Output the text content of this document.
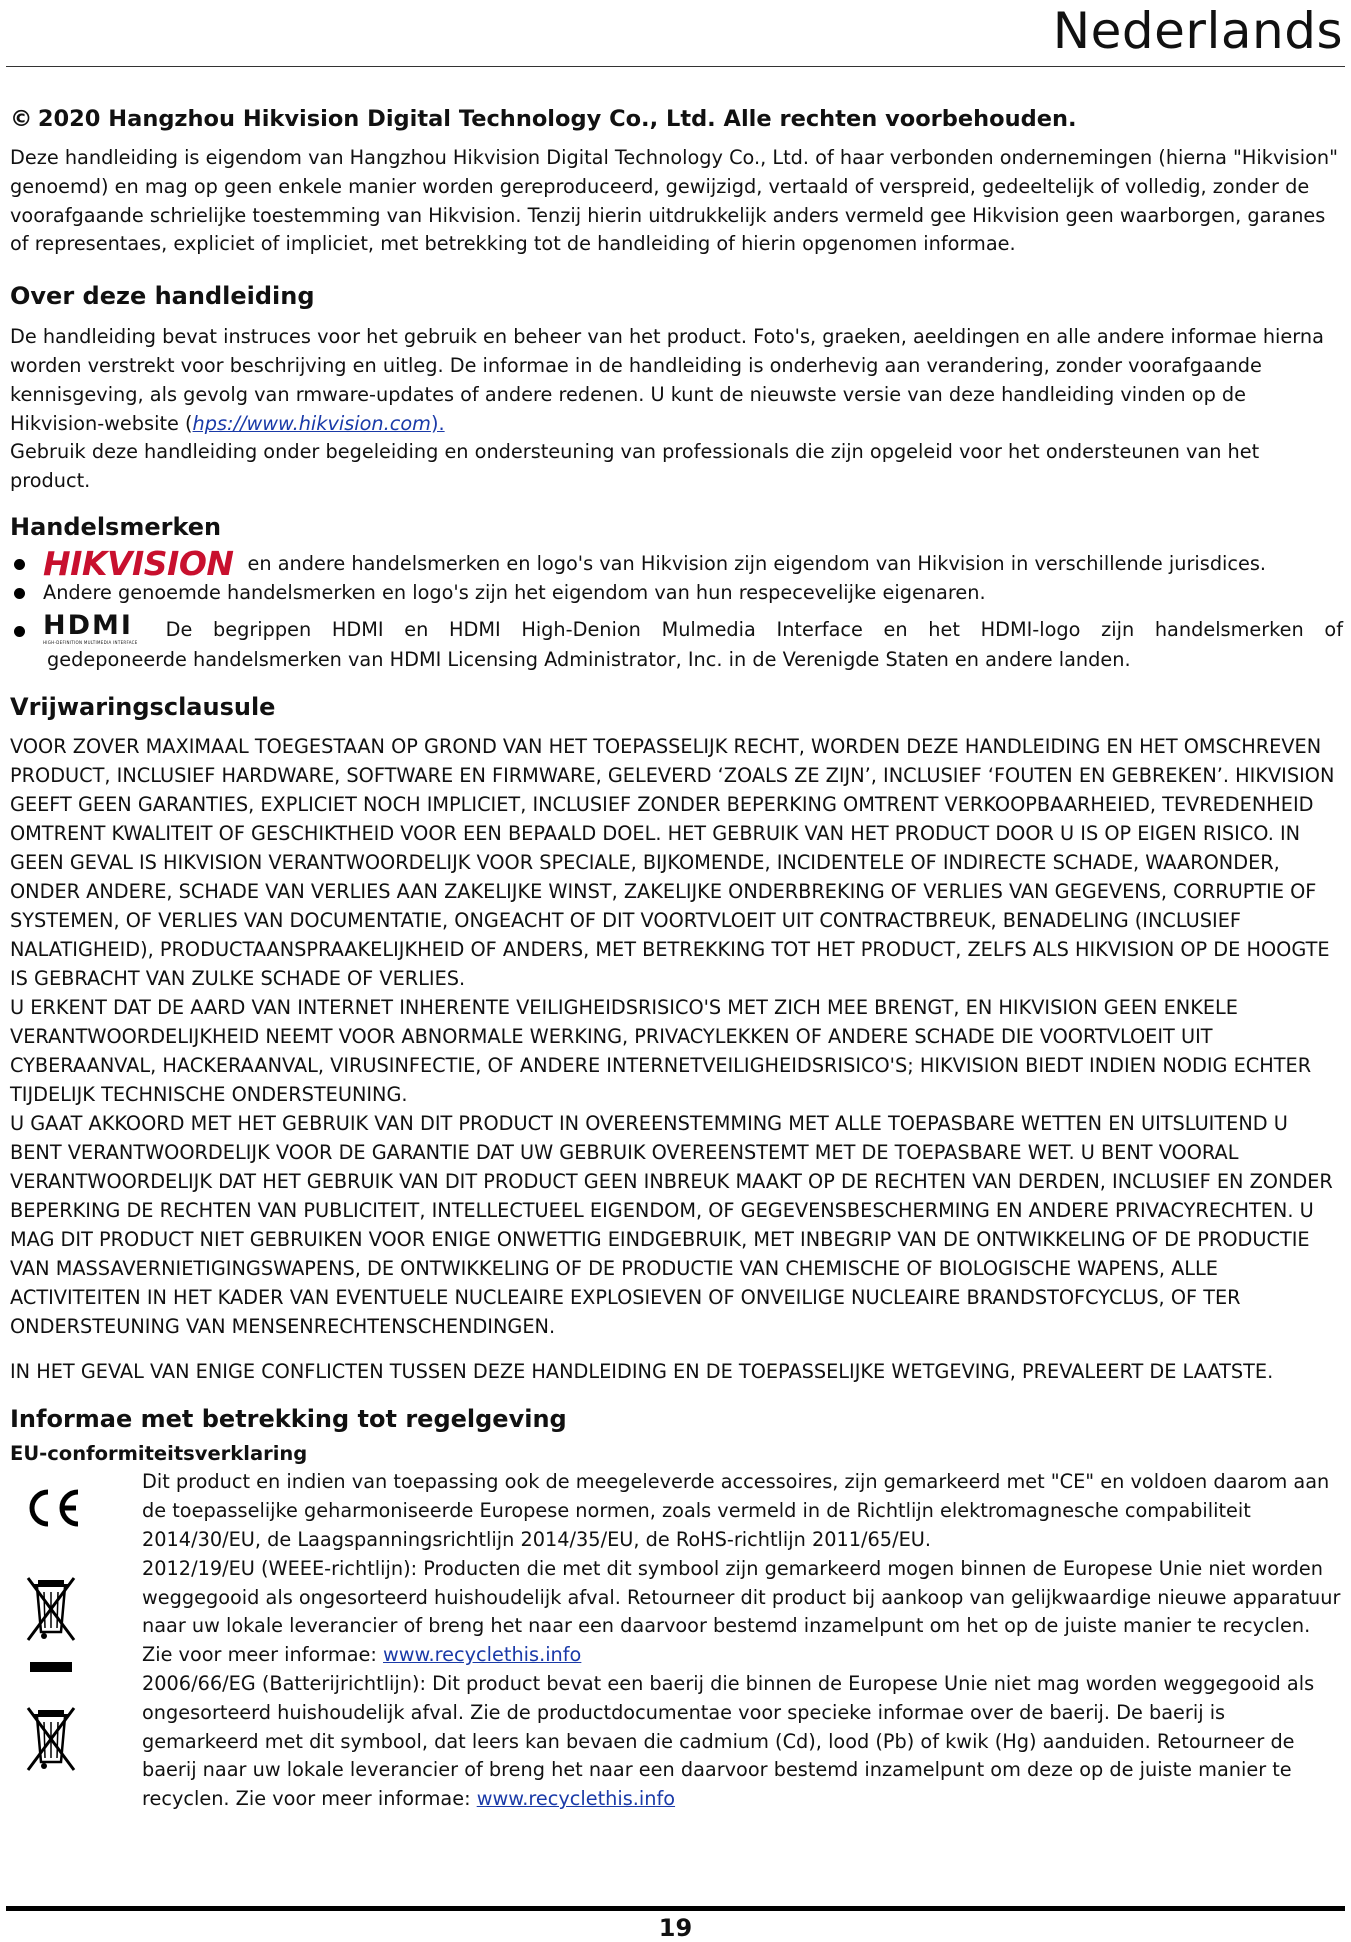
Nederlands

© 2020 Hangzhou Hikvision Digital Technology Co., Ltd. Alle rechten voorbehouden.

Deze handleiding is eigendom van Hangzhou Hikvision Digital Technology Co., Ltd. of haar verbonden ondernemingen (hierna "Hikvision" genoemd) en mag op geen enkele manier worden gereproduceerd, gewijzigd, vertaald of verspreid, gedeeltelijk of volledig, zonder de voorafgaande schrielijke toestemming van Hikvision. Tenzij hierin uitdrukkelijk anders vermeld gee Hikvision geen waarborgen, garanes of representaes, expliciet of impliciet, met betrekking tot de handleiding of hierin opgenomen informae.

Over deze handleiding

De handleiding bevat instruces voor het gebruik en beheer van het product. Foto's, graeken, aeeldingen en alle andere informae hierna worden verstrekt voor beschrijving en uitleg. De informae in de handleiding is onderhevig aan verandering, zonder voorafgaande kennisgeving, als gevolg van rmware-updates of andere redenen. U kunt de nieuwste versie van deze handleiding vinden op de Hikvision-website (hps://www.hikvision.com).

Gebruik deze handleiding onder begeleiding en ondersteuning van professionals die zijn opgeleid voor het ondersteunen van het product.

Handelsmerken
HIKVISION en andere handelsmerken en logo's van Hikvision zijn eigendom van Hikvision in verschillende jurisdices.
Andere genoemde handelsmerken en logo's zijn het eigendom van hun respecevelijke eigenaren.
HDMI
HIGH-DEFINITION MULTIMEDIA INTERFACE
De begrippen HDMI en HDMI High-Denion Mulmedia Interface en het HDMI-logo zijn handelsmerken of

gedeponeerde handelsmerken van HDMI Licensing Administrator, Inc. in de Verenigde Staten en andere landen.

Vrijwaringsclausule

VOOR ZOVER MAXIMAAL TOEGESTAAN OP GROND VAN HET TOEPASSELIJK RECHT, WORDEN DEZE HANDLEIDING EN HET OMSCHREVEN PRODUCT, INCLUSIEF HARDWARE, SOFTWARE EN FIRMWARE, GELEVERD ‘ZOALS ZE ZIJN’, INCLUSIEF ‘FOUTEN EN GEBREKEN’. HIKVISION GEEFT GEEN GARANTIES, EXPLICIET NOCH IMPLICIET, INCLUSIEF ZONDER BEPERKING OMTRENT VERKOOPBAARHEIED, TEVREDENHEID OMTRENT KWALITEIT OF GESCHIKTHEID VOOR EEN BEPAALD DOEL. HET GEBRUIK VAN HET PRODUCT DOOR U IS OP EIGEN RISICO. IN GEEN GEVAL IS HIKVISION VERANTWOORDELIJK VOOR SPECIALE, BIJKOMENDE, INCIDENTELE OF INDIRECTE SCHADE, WAARONDER, ONDER ANDERE, SCHADE VAN VERLIES AAN ZAKELIJKE WINST, ZAKELIJKE ONDERBREKING OF VERLIES VAN GEGEVENS, CORRUPTIE OF SYSTEMEN, OF VERLIES VAN DOCUMENTATIE, ONGEACHT OF DIT VOORTVLOEIT UIT CONTRACTBREUK, BENADELING (INCLUSIEF NALATIGHEID), PRODUCTAANSPRAAKELIJKHEID OF ANDERS, MET BETREKKING TOT HET PRODUCT, ZELFS ALS HIKVISION OP DE HOOGTE IS GEBRACHT VAN ZULKE SCHADE OF VERLIES.

U ERKENT DAT DE AARD VAN INTERNET INHERENTE VEILIGHEIDSRISICO'S MET ZICH MEE BRENGT, EN HIKVISION GEEN ENKELE VERANTWOORDELIJKHEID NEEMT VOOR ABNORMALE WERKING, PRIVACYLEKKEN OF ANDERE SCHADE DIE VOORTVLOEIT UIT CYBERAANVAL, HACKERAANVAL, VIRUSINFECTIE, OF ANDERE INTERNETVEILIGHEIDSRISICO'S; HIKVISION BIEDT INDIEN NODIG ECHTER TIJDELIJK TECHNISCHE ONDERSTEUNING.

U GAAT AKKOORD MET HET GEBRUIK VAN DIT PRODUCT IN OVEREENSTEMMING MET ALLE TOEPASBARE WETTEN EN UITSLUITEND U BENT VERANTWOORDELIJK VOOR DE GARANTIE DAT UW GEBRUIK OVEREENSTEMT MET DE TOEPASBARE WET. U BENT VOORAL VERANTWOORDELIJK DAT HET GEBRUIK VAN DIT PRODUCT GEEN INBREUK MAAKT OP DE RECHTEN VAN DERDEN, INCLUSIEF EN ZONDER BEPERKING DE RECHTEN VAN PUBLICITEIT, INTELLECTUEEL EIGENDOM, OF GEGEVENSBESCHERMING EN ANDERE PRIVACYRECHTEN. U MAG DIT PRODUCT NIET GEBRUIKEN VOOR ENIGE ONWETTIG EINDGEBRUIK, MET INBEGRIP VAN DE ONTWIKKELING OF DE PRODUCTIE VAN MASSAVERNIETIGINGSWAPENS, DE ONTWIKKELING OF DE PRODUCTIE VAN CHEMISCHE OF BIOLOGISCHE WAPENS, ALLE ACTIVITEITEN IN HET KADER VAN EVENTUELE NUCLEAIRE EXPLOSIEVEN OF ONVEILIGE NUCLEAIRE BRANDSTOFCYCLUS, OF TER ONDERSTEUNING VAN MENSENRECHTENSCHENDINGEN.

IN HET GEVAL VAN ENIGE CONFLICTEN TUSSEN DEZE HANDLEIDING EN DE TOEPASSELIJKE WETGEVING, PREVALEERT DE LAATSTE.

Informae met betrekking tot regelgeving
EU-conformiteitsverklaring

Dit product en indien van toepassing ook de meegeleverde accessoires, zijn gemarkeerd met "CE" en voldoen daarom aan de toepasselijke geharmoniseerde Europese normen, zoals vermeld in de Richtlijn elektromagnesche compabiliteit 2014/30/EU, de Laagspanningsrichtlijn 2014/35/EU, de RoHS-richtlijn 2011/65/EU.

2012/19/EU (WEEE-richtlijn): Producten die met dit symbool zijn gemarkeerd mogen binnen de Europese Unie niet worden weggegooid als ongesorteerd huishoudelijk afval. Retourneer dit product bij aankoop van gelijkwaardige nieuwe apparatuur naar uw lokale leverancier of breng het naar een daarvoor bestemd inzamelpunt om het op de juiste manier te recyclen. Zie voor meer informae: www.recyclethis.info

2006/66/EG (Batterijrichtlijn): Dit product bevat een baerij die binnen de Europese Unie niet mag worden weggegooid als ongesorteerd huishoudelijk afval. Zie de productdocumentae voor specieke informae over de baerij. De baerij is gemarkeerd met dit symbool, dat leers kan bevaen die cadmium (Cd), lood (Pb) of kwik (Hg) aanduiden. Retourneer de baerij naar uw lokale leverancier of breng het naar een daarvoor bestemd inzamelpunt om deze op de juiste manier te recyclen. Zie voor meer informae: www.recyclethis.info

19
